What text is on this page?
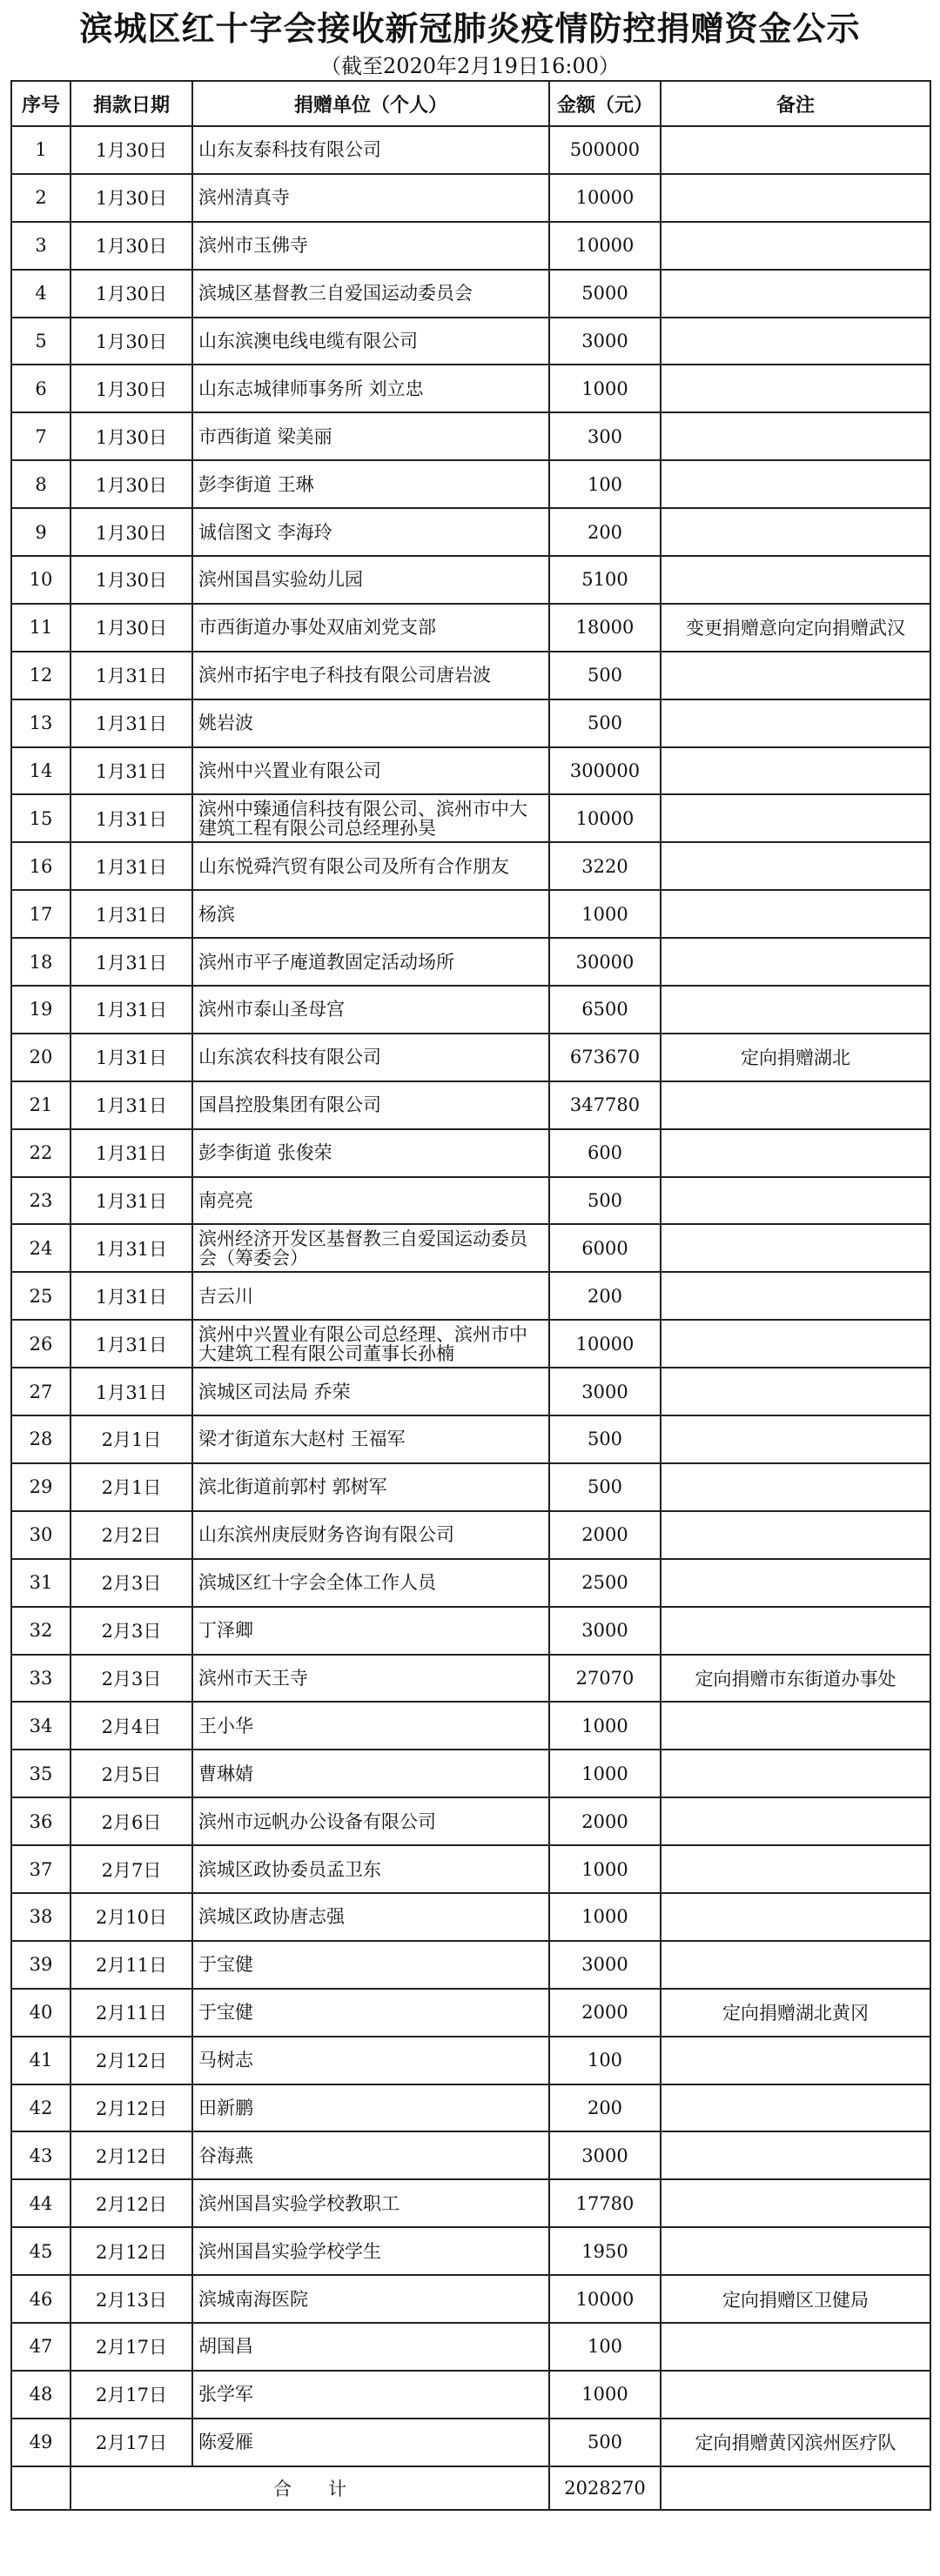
滨城区红十字会接收新冠肺炎疫情防控捐赠资金公示
（截至2020年2月19日16:00）
序号	捐款日期	捐赠单位（个人）	金额（元）	备注
1	1月30日	山东友泰科技有限公司	500000	
2	1月30日	滨州清真寺	10000	
3	1月30日	滨州市玉佛寺	10000	
4	1月30日	滨城区基督教三自爱国运动委员会	5000	
5	1月30日	山东滨澳电线电缆有限公司	3000	
6	1月30日	山东志城律师事务所 刘立忠	1000	
7	1月30日	市西街道 梁美丽	300	
8	1月30日	彭李街道 王琳	100	
9	1月30日	诚信图文 李海玲	200	
10	1月30日	滨州国昌实验幼儿园	5100	
11	1月30日	市西街道办事处双庙刘党支部	18000	变更捐赠意向定向捐赠武汉
12	1月31日	滨州市拓宇电子科技有限公司唐岩波	500	
13	1月31日	姚岩波	500	
14	1月31日	滨州中兴置业有限公司	300000	
15	1月31日	滨州中臻通信科技有限公司、滨州市中大建筑工程有限公司总经理孙昊	10000	
16	1月31日	山东悦舜汽贸有限公司及所有合作朋友	3220	
17	1月31日	杨滨	1000	
18	1月31日	滨州市平子庵道教固定活动场所	30000	
19	1月31日	滨州市泰山圣母宫	6500	
20	1月31日	山东滨农科技有限公司	673670	定向捐赠湖北
21	1月31日	国昌控股集团有限公司	347780	
22	1月31日	彭李街道 张俊荣	600	
23	1月31日	南亮亮	500	
24	1月31日	滨州经济开发区基督教三自爱国运动委员会（筹委会）	6000	
25	1月31日	吉云川	200	
26	1月31日	滨州中兴置业有限公司总经理、滨州市中大建筑工程有限公司董事长孙楠	10000	
27	1月31日	滨城区司法局 乔荣	3000	
28	2月1日	梁才街道东大赵村 王福军	500	
29	2月1日	滨北街道前郭村 郭树军	500	
30	2月2日	山东滨州庚辰财务咨询有限公司	2000	
31	2月3日	滨城区红十字会全体工作人员	2500	
32	2月3日	丁泽卿	3000	
33	2月3日	滨州市天王寺	27070	定向捐赠市东街道办事处
34	2月4日	王小华	1000	
35	2月5日	曹琳婧	1000	
36	2月6日	滨州市远帆办公设备有限公司	2000	
37	2月7日	滨城区政协委员孟卫东	1000	
38	2月10日	滨城区政协唐志强	1000	
39	2月11日	于宝健	3000	
40	2月11日	于宝健	2000	定向捐赠湖北黄冈
41	2月12日	马树志	100	
42	2月12日	田新鹏	200	
43	2月12日	谷海燕	3000	
44	2月12日	滨州国昌实验学校教职工	17780	
45	2月12日	滨州国昌实验学校学生	1950	
46	2月13日	滨城南海医院	10000	定向捐赠区卫健局
47	2月17日	胡国昌	100	
48	2月17日	张学军	1000	
49	2月17日	陈爱雁	500	定向捐赠黄冈滨州医疗队
	合　　计		2028270	
